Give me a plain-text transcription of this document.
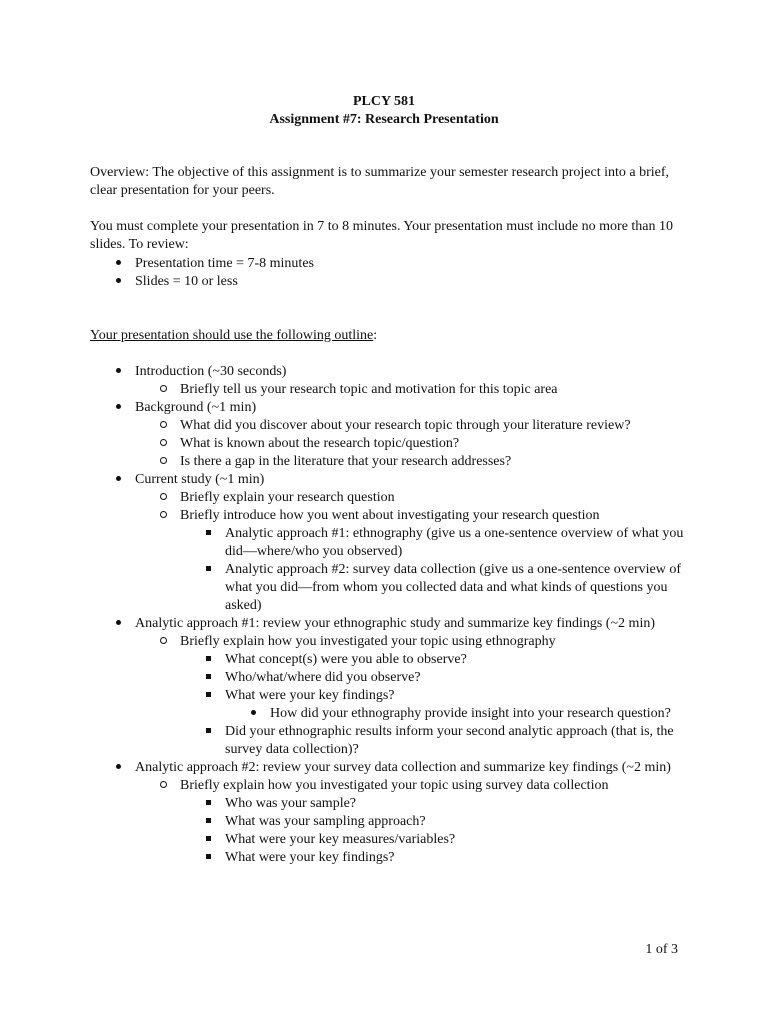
PLCY 581
Assignment #7: Research Presentation
Overview: The objective of this assignment is to summarize your semester research project into a brief, clear presentation for your peers.
You must complete your presentation in 7 to 8 minutes. Your presentation must include no more than 10 slides. To review:
Presentation time = 7-8 minutes
Slides = 10 or less
Your presentation should use the following outline:
Introduction (~30 seconds)
Briefly tell us your research topic and motivation for this topic area
Background (~1 min)
What did you discover about your research topic through your literature review?
What is known about the research topic/question?
Is there a gap in the literature that your research addresses?
Current study (~1 min)
Briefly explain your research question
Briefly introduce how you went about investigating your research question
Analytic approach #1: ethnography (give us a one-sentence overview of what you did—where/who you observed)
Analytic approach #2: survey data collection (give us a one-sentence overview of what you did—from whom you collected data and what kinds of questions you asked)
Analytic approach #1: review your ethnographic study and summarize key findings (~2 min)
Briefly explain how you investigated your topic using ethnography
What concept(s) were you able to observe?
Who/what/where did you observe?
What were your key findings?
How did your ethnography provide insight into your research question?
Did your ethnographic results inform your second analytic approach (that is, the survey data collection)?
Analytic approach #2: review your survey data collection and summarize key findings (~2 min)
Briefly explain how you investigated your topic using survey data collection
Who was your sample?
What was your sampling approach?
What were your key measures/variables?
What were your key findings?
1 of 3
